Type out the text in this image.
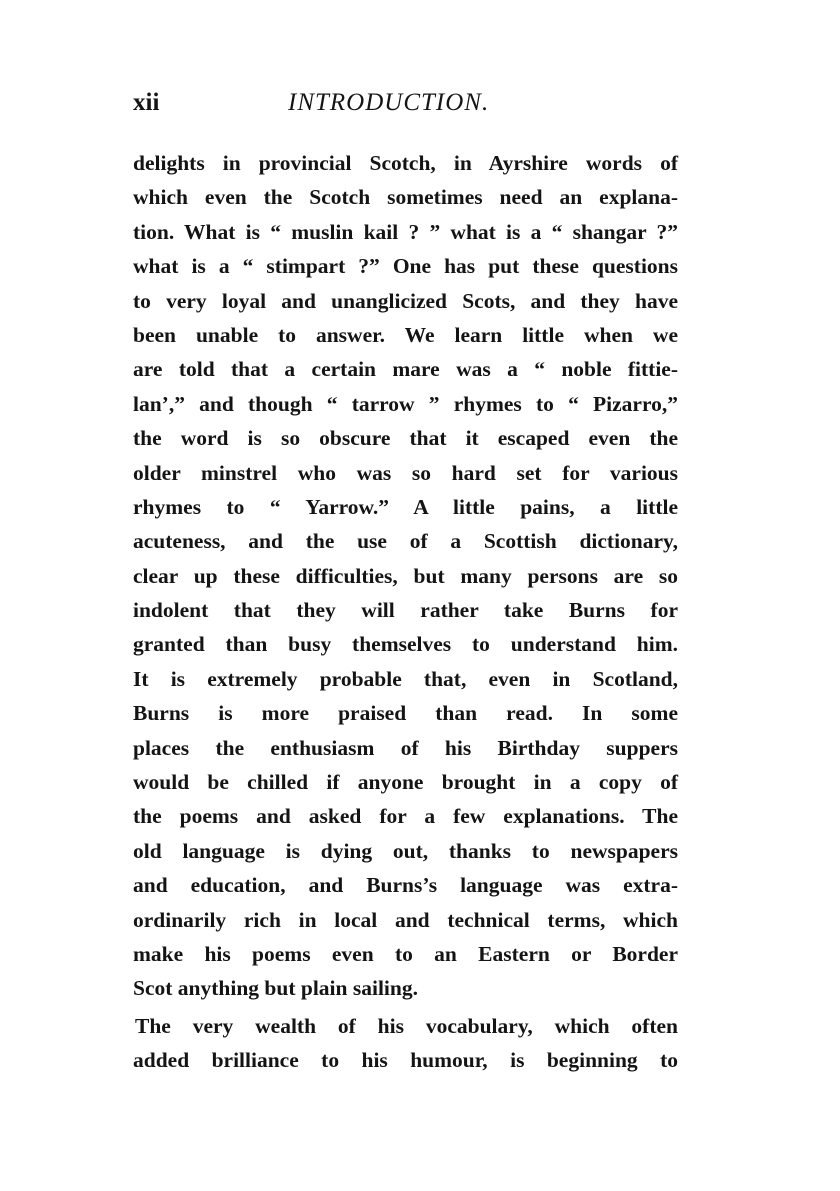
xii	INTRODUCTION.
delights in provincial Scotch, in Ayrshire words of
which even the Scotch sometimes need an explana-
tion. What is “ muslin kail ? ” what is a “ shangar ?”
what is a “ stimpart ?” One has put these questions
to very loyal and unanglicized Scots, and they have
been unable to answer. We learn little when we
are told that a certain mare was a “ noble fittie-
lan’,” and though “ tarrow ” rhymes to “ Pizarro,”
the word is so obscure that it escaped even the
older minstrel who was so hard set for various
rhymes to “ Yarrow.” A little pains, a little
acuteness, and the use of a Scottish dictionary,
clear up these difficulties, but many persons are so
indolent that they will rather take Burns for
granted than busy themselves to understand him.
It is extremely probable that, even in Scotland,
Burns is more praised than read. In some
places the enthusiasm of his Birthday suppers
would be chilled if anyone brought in a copy of
the poems and asked for a few explanations. The
old language is dying out, thanks to newspapers
and education, and Burns’s language was extra-
ordinarily rich in local and technical terms, which
make his poems even to an Eastern or Border
Scot anything but plain sailing.
The very wealth of his vocabulary, which often
added brilliance to his humour, is beginning to
